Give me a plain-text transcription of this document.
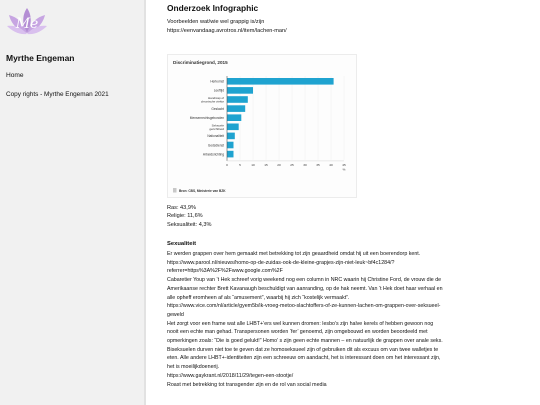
Me
Myrthe Engeman
Home
Copy rights - Myrthe Engeman 2021
Onderzoek Infographic
Voorbeelden wat/wie wel grappig is/zijn
https://eenvandaag.avrotros.nl/item/lachen-man/
Discriminatiegrond, 2015
Herkomst
Leeftijd
Handicap of
chronische ziekte
Geslacht
Mensenrechtsgebonden
Seksuele
gerichtheid
Nationaliteit
Godsdienst
Arbeidsrichting
0	5	10	15	20	25	30	35	40	45
%
Bron: CBS, Ministerie van BZK
Ras: 43,9%
Religie: 11,6%
Seksualiteit: 4,3%
Sexualiteit
Er werden grappen over hem gemaakt met betrekking tot zijn geaardheid omdat hij uit een boerendorp kent.
https://www.parool.nl/nieuws/homo-op-de-zuidas-ook-de-kleine-grapjes-zijn-niet-leuk~bf4c1284/?
referrer=https%3A%2F%2Fwww.google.com%2F
Cabaretier Youp van ‘t Hek schreef vorig weekend nog een column in NRC waarin hij Christine Ford, de vrouw die de
Amerikaanse rechter Brett Kavanaugh beschuldigt van aanranding, op de hak neemt. Van ‘t Hek doet haar verhaal en
alle opheff eromheen af als “amusement”, waarbij hij zich “kostelijk vermaakt”.
https://www.vice.com/nl/article/gyem5b/ik-vroeg-metoo-slachtoffers-of-ze-kunnen-lachen-om-grappen-over-seksueel-
geweld
Het zorgt voor een frame wat alle LHBT+’ers wel kunnen dromen: lesbo’s zijn halve kerels of hebben gewoon nog
nooit een echte man gehad. Transpersonen worden ‘fer’ genoemd, zijn omgebouwd en worden beoordeeld met
opmerkingen zoals: “Die is goed gelukt!” Homo’ s zijn geen echte mannen – en natuurlijk de grappen over anale seks.
Biseksuelen durven niet toe te geven dat ze homoseksueel zijn of gebruiken dit als excuus om van twee walletjes te
eten. Alle andere LHBT+-identiteiten zijn een schreeuw om aandacht, het is interessant doen om het interessant zijn,
het is moeilijkdoenerij.
https://www.gaykrant.nl/2018/11/29/tegen-een-stootje/
Roast met betrekking tot transgender zijn en de rol van social media
